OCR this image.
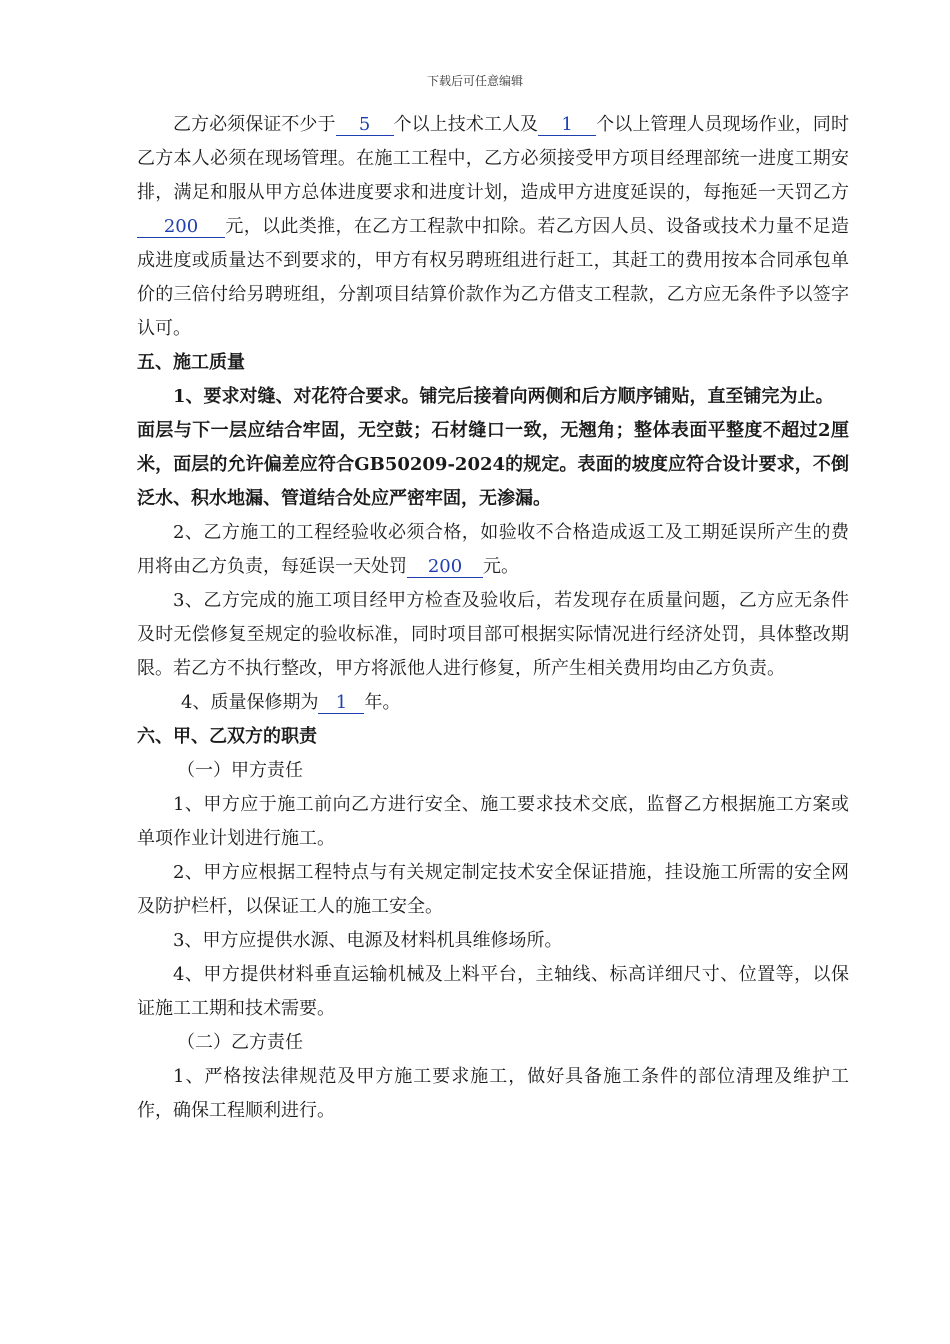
下载后可任意编辑

乙方必须保证不少于 5 个以上技术工人及 1 个以上管理人员现场作业，同时乙方本人必须在现场管理。在施工工程中，乙方必须接受甲方项目经理部统一进度工期安排，满足和服从甲方总体进度要求和进度计划，造成甲方进度延误的，每拖延一天罚乙方200 元，以此类推，在乙方工程款中扣除。若乙方因人员、设备或技术力量不足造成进度或质量达不到要求的，甲方有权另聘班组进行赶工，其赶工的费用按本合同承包单价的三倍付给另聘班组，分割项目结算价款作为乙方借支工程款，乙方应无条件予以签字认可。

五、施工质量

1、要求对缝、对花符合要求。铺完后接着向两侧和后方顺序铺贴，直至铺完为止。

面层与下一层应结合牢固，无空鼓；石材缝口一致，无翘角；整体表面平整度不超过2厘米，面层的允许偏差应符合GB50209-2024的规定。表面的坡度应符合设计要求，不倒泛水、积水地漏、管道结合处应严密牢固，无渗漏。

2、乙方施工的工程经验收必须合格，如验收不合格造成返工及工期延误所产生的费用将由乙方负责，每延误一天处罚 200 元。

3、乙方完成的施工项目经甲方检查及验收后，若发现存在质量问题，乙方应无条件及时无偿修复至规定的验收标准，同时项目部可根据实际情况进行经济处罚，具体整改期限。若乙方不执行整改，甲方将派他人进行修复，所产生相关费用均由乙方负责。

4、质量保修期为 1 年。

六、甲、乙双方的职责

（一）甲方责任

1、甲方应于施工前向乙方进行安全、施工要求技术交底，监督乙方根据施工方案或单项作业计划进行施工。

2、甲方应根据工程特点与有关规定制定技术安全保证措施，挂设施工所需的安全网及防护栏杆，以保证工人的施工安全。

3、甲方应提供水源、电源及材料机具维修场所。

4、甲方提供材料垂直运输机械及上料平台，主轴线、标高详细尺寸、位置等，以保证施工工期和技术需要。

（二）乙方责任

1、严格按法律规范及甲方施工要求施工，做好具备施工条件的部位清理及维护工作，确保工程顺利进行。
